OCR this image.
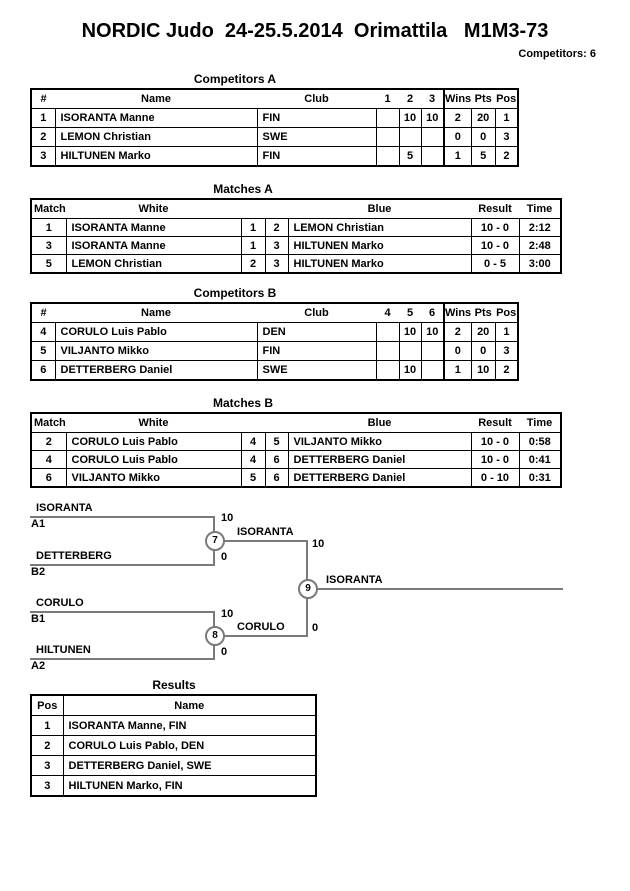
NORDIC Judo  24-25.5.2014  Orimattila   M1M3-73
Competitors: 6
Competitors A
#	Name	Club	1	2	3	Wins	Pts	Pos
1	ISORANTA Manne	FIN		10	10	2	20	1
2	LEMON Christian	SWE				0	0	3
3	HILTUNEN Marko	FIN		5		1	5	2
Matches A
Match	White			Blue	Result	Time
1	ISORANTA Manne	1	2	LEMON Christian	10 - 0	2:12
3	ISORANTA Manne	1	3	HILTUNEN Marko	10 - 0	2:48
5	LEMON Christian	2	3	HILTUNEN Marko	0 - 5	3:00
Competitors B
#	Name	Club	4	5	6	Wins	Pts	Pos
4	CORULO Luis Pablo	DEN		10	10	2	20	1
5	VILJANTO Mikko	FIN				0	0	3
6	DETTERBERG Daniel	SWE		10		1	10	2
Matches B
Match	White			Blue	Result	Time
2	CORULO Luis Pablo	4	5	VILJANTO Mikko	10 - 0	0:58
4	CORULO Luis Pablo	4	6	DETTERBERG Daniel	10 - 0	0:41
6	VILJANTO Mikko	5	6	DETTERBERG Daniel	0 - 10	0:31
ISORANTA
A1
DETTERBERG
B2
10
0
ISORANTA
10
7
CORULO
B1
HILTUNEN
A2
10
0
CORULO 0
8
ISORANTA
9
Results
Pos	Name
1	ISORANTA Manne, FIN
2	CORULO Luis Pablo, DEN
3	DETTERBERG Daniel, SWE
3	HILTUNEN Marko, FIN
